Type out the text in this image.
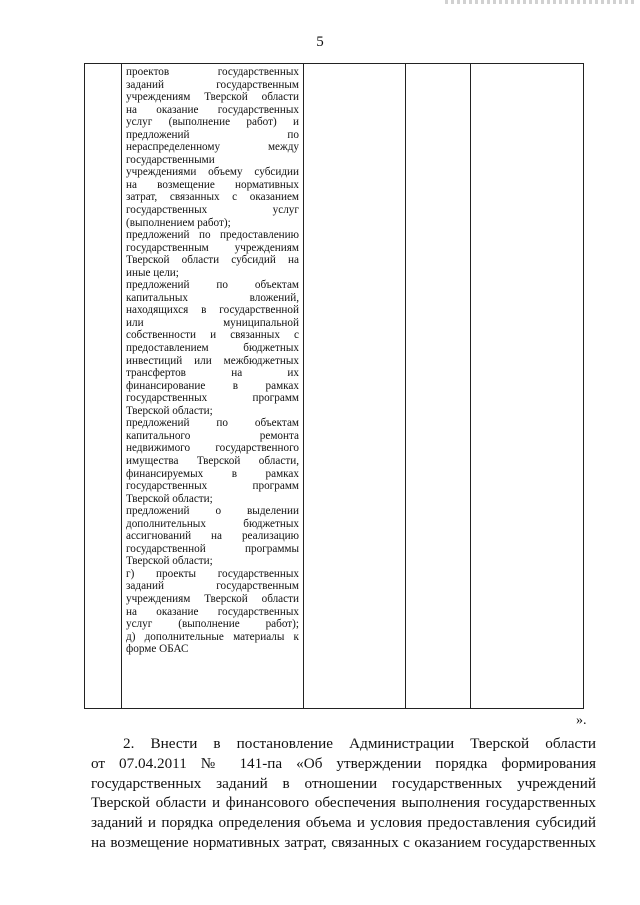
5
проектов государственных
заданий государственным
учреждениям Тверской области
на оказание государственных
услуг (выполнение работ) и
предложений по
нераспределенному между
государственными
учреждениями объему субсидии
на возмещение нормативных
затрат, связанных с оказанием
государственных услуг
(выполнением работ);
предложений по предоставлению
государственным учреждениям
Тверской области субсидий на
иные цели;
предложений по объектам
капитальных вложений,
находящихся в государственной
или муниципальной
собственности и связанных с
предоставлением бюджетных
инвестиций или межбюджетных
трансфертов на их
финансирование в рамках
государственных программ
Тверской области;
предложений по объектам
капитального ремонта
недвижимого государственного
имущества Тверской области,
финансируемых в рамках
государственных программ
Тверской области;
предложений о выделении
дополнительных бюджетных
ассигнований на реализацию
государственной программы
Тверской области;
г) проекты государственных
заданий государственным
учреждениям Тверской области
на оказание государственных
услуг (выполнение работ);
д) дополнительные материалы к
форме ОБАС
».
2. Внести в постановление Администрации Тверской области
от 07.04.2011 № 141-па «Об утверждении порядка формирования
государственных заданий в отношении государственных учреждений
Тверской области и финансового обеспечения выполнения государственных
заданий и порядка определения объема и условия предоставления субсидий
на возмещение нормативных затрат, связанных с оказанием государственных
